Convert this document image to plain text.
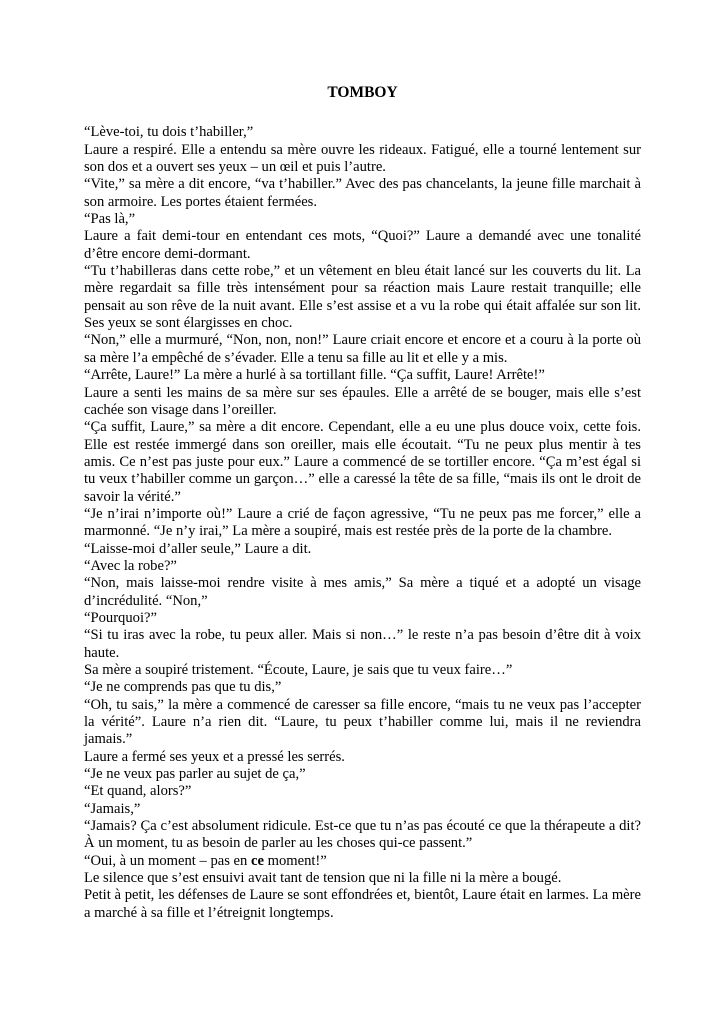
TOMBOY

“Lève-toi, tu dois t’habiller,”

Laure a respiré. Elle a entendu sa mère ouvre les rideaux. Fatigué, elle a tourné lentement sur son dos et a ouvert ses yeux – un œil et puis l’autre.

“Vite,” sa mère a dit encore, “va t’habiller.” Avec des pas chancelants, la jeune fille marchait à son armoire. Les portes étaient fermées.

“Pas là,”

Laure a fait demi-tour en entendant ces mots, “Quoi?” Laure a demandé avec une tonalité d’être encore demi-dormant.

“Tu t’habilleras dans cette robe,” et un vêtement en bleu était lancé sur les couverts du lit. La mère regardait sa fille très intensément pour sa réaction mais Laure restait tranquille; elle pensait au son rêve de la nuit avant. Elle s’est assise et a vu la robe qui était affalée sur son lit. Ses yeux se sont élargisses en choc.

“Non,” elle a murmuré, “Non, non, non!” Laure criait encore et encore et a couru à la porte où sa mère l’a empêché de s’évader. Elle a tenu sa fille au lit et elle y a mis.

“Arrête, Laure!” La mère a hurlé à sa tortillant fille. “Ça suffit, Laure! Arrête!”

Laure a senti les mains de sa mère sur ses épaules. Elle a arrêté de se bouger, mais elle s’est cachée son visage dans l’oreiller.

“Ça suffit, Laure,” sa mère a dit encore. Cependant, elle a eu une plus douce voix, cette fois. Elle est restée immergé dans son oreiller, mais elle écoutait. “Tu ne peux plus mentir à tes amis. Ce n’est pas juste pour eux.” Laure a commencé de se tortiller encore. “Ça m’est égal si tu veux t’habiller comme un garçon…” elle a caressé la tête de sa fille, “mais ils ont le droit de savoir la vérité.”

“Je n’irai n’importe où!” Laure a crié de façon agressive, “Tu ne peux pas me forcer,” elle a marmonné. “Je n’y irai,” La mère a soupiré, mais est restée près de la porte de la chambre.

“Laisse-moi d’aller seule,” Laure a dit.

“Avec la robe?”

“Non, mais laisse-moi rendre visite à mes amis,” Sa mère a tiqué et a adopté un visage d’incrédulité. “Non,”

“Pourquoi?”

“Si tu iras avec la robe, tu peux aller. Mais si non…” le reste n’a pas besoin d’être dit à voix haute.

Sa mère a soupiré tristement. “Écoute, Laure, je sais que tu veux faire…”

“Je ne comprends pas que tu dis,”

“Oh, tu sais,” la mère a commencé de caresser sa fille encore, “mais tu ne veux pas l’accepter la vérité”. Laure n’a rien dit. “Laure, tu peux t’habiller comme lui, mais il ne reviendra jamais.”

Laure a fermé ses yeux et a pressé les serrés.

“Je ne veux pas parler au sujet de ça,”

“Et quand, alors?”

“Jamais,”

“Jamais? Ça c’est absolument ridicule. Est-ce que tu n’as pas écouté ce que la thérapeute a dit? À un moment, tu as besoin de parler au les choses qui-ce passent.”

“Oui, à un moment – pas en ce moment!”

Le silence que s’est ensuivi avait tant de tension que ni la fille ni la mère a bougé.

Petit à petit, les défenses de Laure se sont effondrées et, bientôt, Laure était en larmes. La mère a marché à sa fille et l’étreignit longtemps.
